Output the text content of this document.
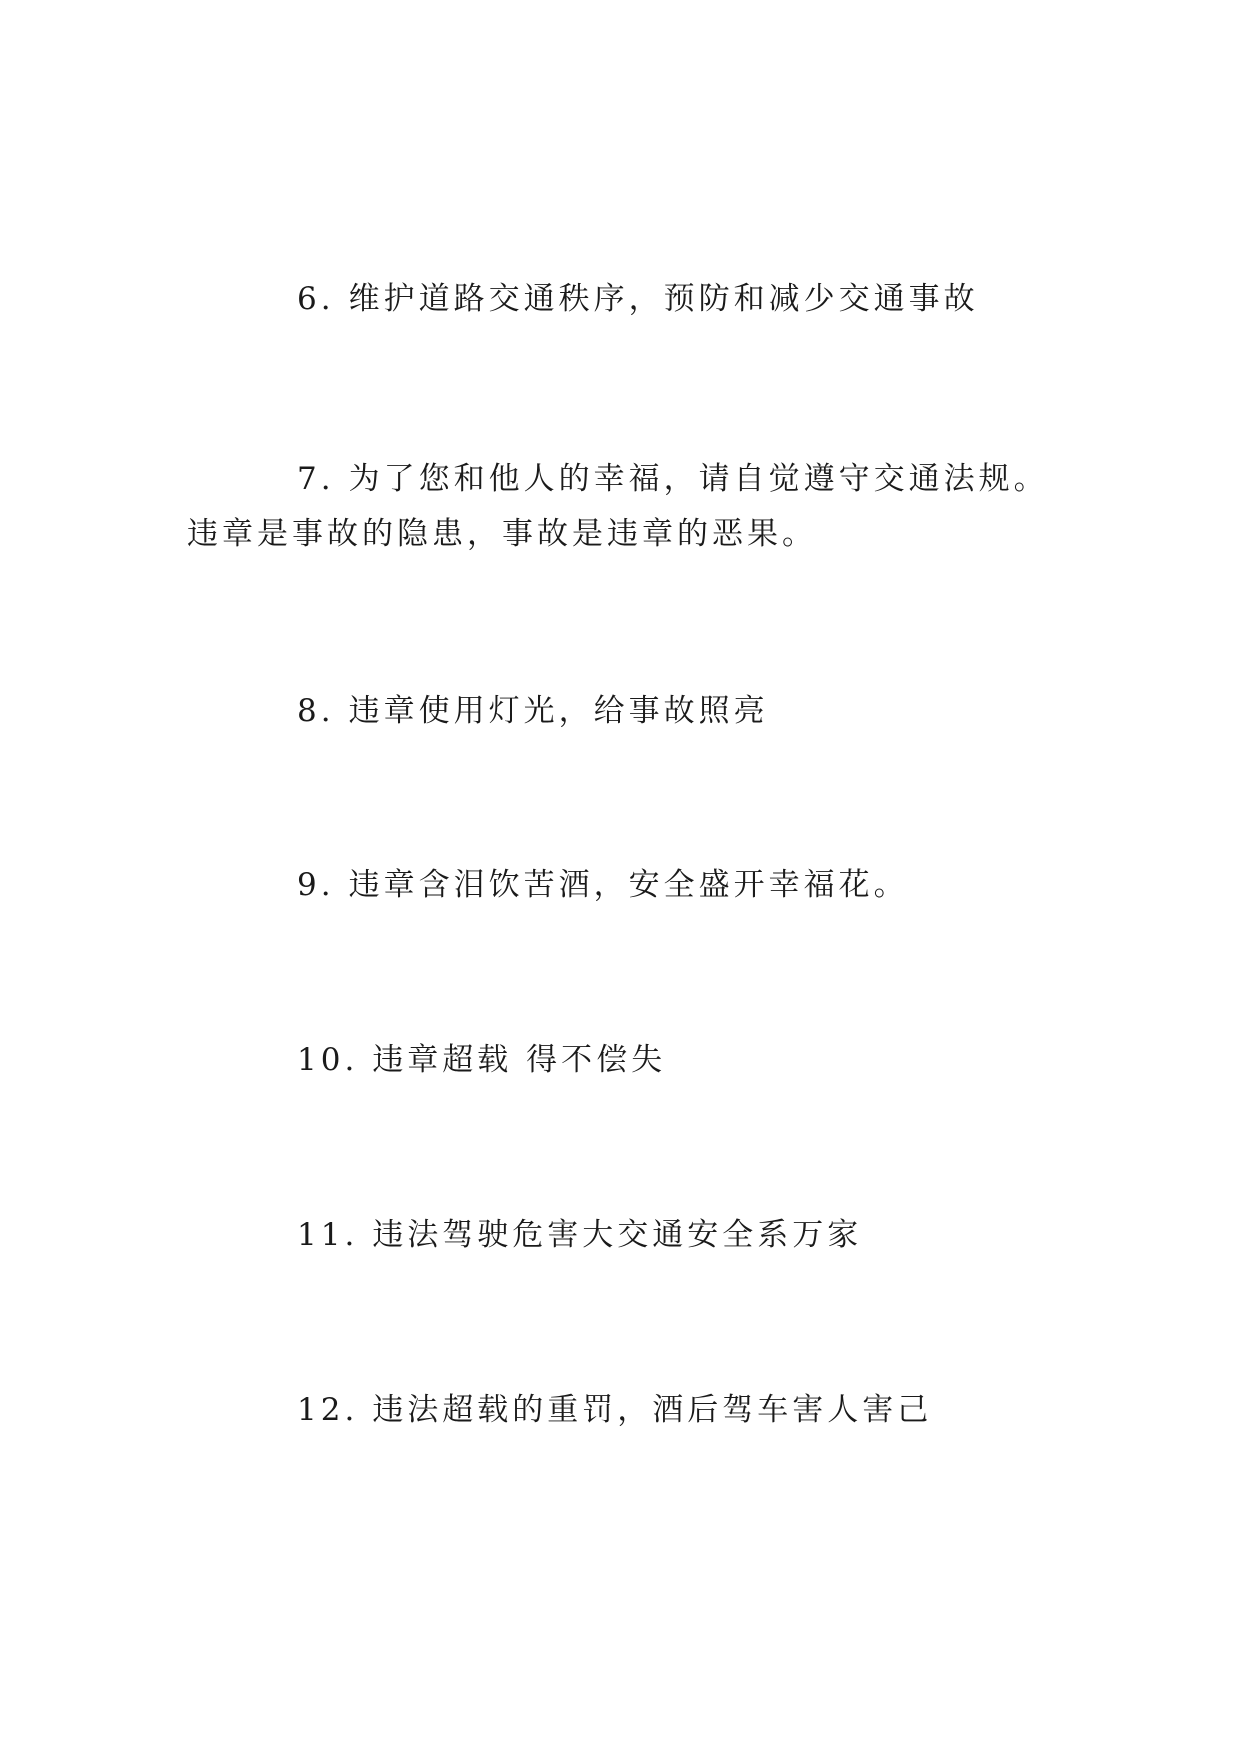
6. 维护道路交通秩序，预防和减少交通事故

7. 为了您和他人的幸福，请自觉遵守交通法规。 违章是事故的隐患，事故是违章的恶果。

8. 违章使用灯光，给事故照亮

9. 违章含泪饮苦酒，安全盛开幸福花。

10. 违章超载 得不偿失

11. 违法驾驶危害大交通安全系万家

12. 违法超载的重罚，酒后驾车害人害己
